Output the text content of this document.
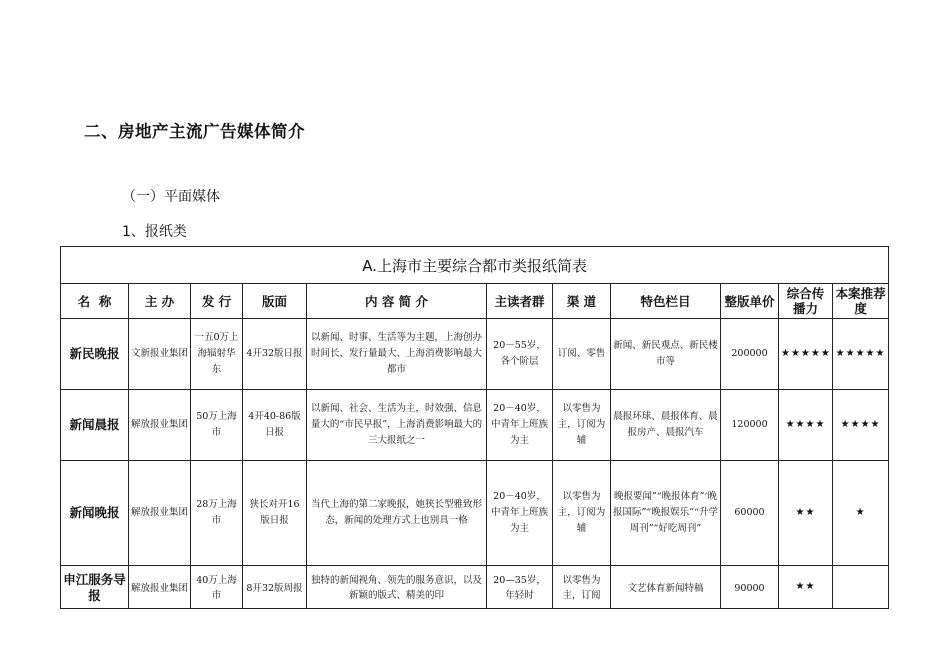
二、房地产主流广告媒体简介
（一）平面媒体
1、报纸类
A.上海市主要综合都市类报纸简表										
名  称	主 办	发 行	版面	内 容 简 介	主读者群	渠 道	特色栏目	整版单价	综合传播力	本案推荐度
新民晚报	文新报业集团	一五0万上海辐射华东	4开32版日报	以新闻、时事、生活等为主题，上海创办时间长、发行量最大、上海消费影响最大都市	20－55岁，各个阶层	订阅、零售	新闻、新民观点、新民楼市等	200000	★★★★★	★★★★★
新闻晨报	解放报业集团	50万上海市	4开40-86版日报	以新闻、社会、生活为主，时效强、信息量大的“市民早报”，上海消费影响最大的三大报纸之一	20－40岁，中青年上班族为主	以零售为主，订阅为辅	晨报环球、晨报体育、晨报房产、晨报汽车	120000	★★★★	★★★★
新闻晚报	解放报业集团	28万上海市	狭长对开16版日报	当代上海的第二家晚报，她狭长型雅致形态，新闻的处理方式上也别具一格	20－40岁，中青年上班族为主	以零售为主，订阅为辅	晚报要闻”“晚报体育”‘晚报国际”“晚报娱乐”“升学周刊”“好吃周刊”	60000	★★	★
申江服务导报	解放报业集团	40万上海市	8开32版周报	独特的新闻视角、领先的服务意识，以及新颖的版式、精美的印	20—35岁，年轻时	以零售为主，订阅	文艺体育新闻特稿	90000	★★	
